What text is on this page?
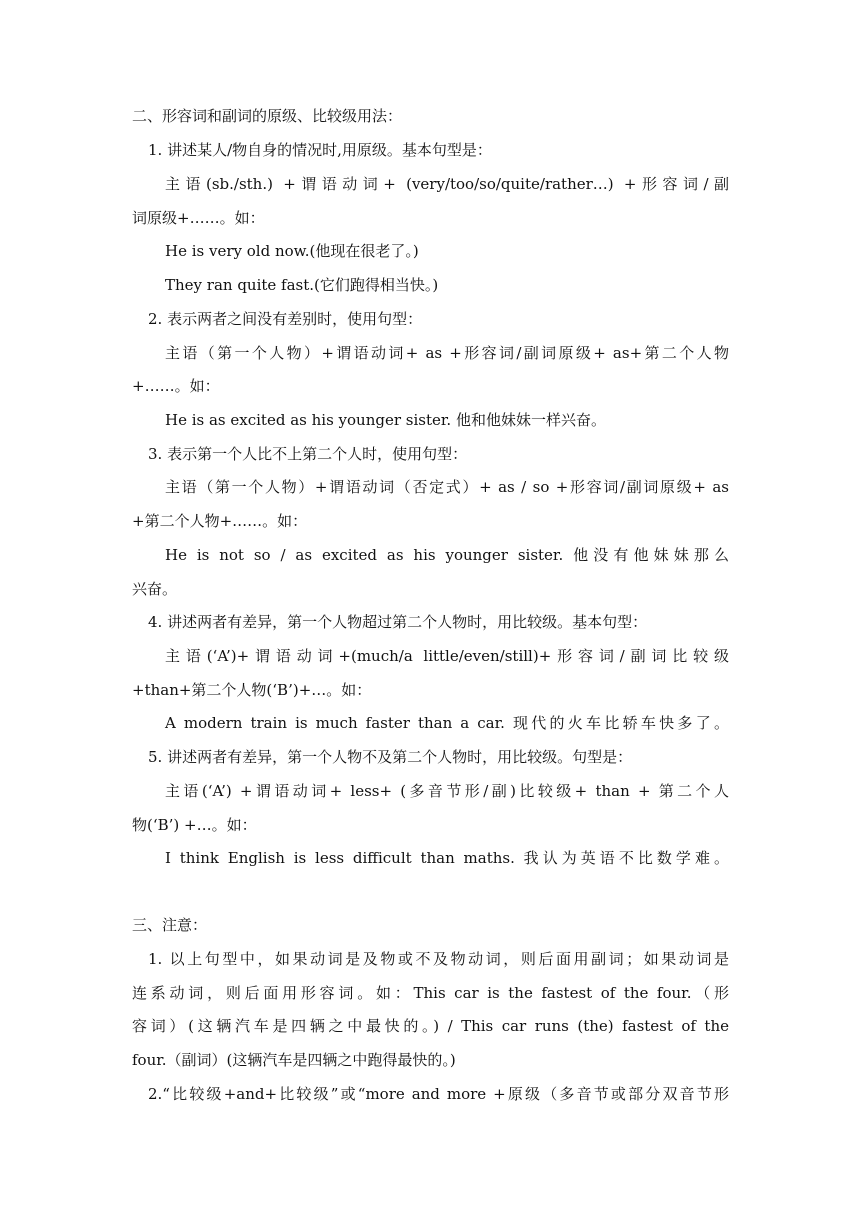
二、形容词和副词的原级、比较级用法：
1. 讲述某人/物自身的情况时,用原级。基本句型是：
主语(sb./sth.) +谓语动词+ (very/too/so/quite/rather…) +形容词/副
词原级+……。如：
He is very old now.(他现在很老了。)
They ran quite fast.(它们跑得相当快。)
2. 表示两者之间没有差别时，使用句型：
主语（第一个人物）+谓语动词+ as +形容词/副词原级+ as+第二个人物
+……。如：
He is as excited as his younger sister. 他和他妹妹一样兴奋。
3. 表示第一个人比不上第二个人时，使用句型：
主语（第一个人物）+谓语动词（否定式）+ as / so +形容词/副词原级+ as
+第二个人物+……。如：
He is not so / as excited as his younger sister. 他没有他妹妹那么
兴奋。
4. 讲述两者有差异，第一个人物超过第二个人物时，用比较级。基本句型：
主语(‘A’)+谓语动词+(much/a little/even/still)+形容词/副词比较级
+than+第二个人物(‘B’)+…。如：
A modern train is much faster than a car. 现代的火车比轿车快多了。
5. 讲述两者有差异，第一个人物不及第二个人物时，用比较级。句型是：
主语(‘A’) +谓语动词+ less+ (多音节形/副)比较级+ than + 第二个人
物(‘B’) +…。如：
I think English is less difficult than maths. 我认为英语不比数学难。
三、注意：
1. 以上句型中，如果动词是及物或不及物动词，则后面用副词；如果动词是
连系动词，则后面用形容词。如：This car is the fastest of the four.（形
容词）(这辆汽车是四辆之中最快的。) / This car runs (the) fastest of the
four.（副词）(这辆汽车是四辆之中跑得最快的。)
2.“比较级+and+比较级”或“more and more +原级（多音节或部分双音节形
